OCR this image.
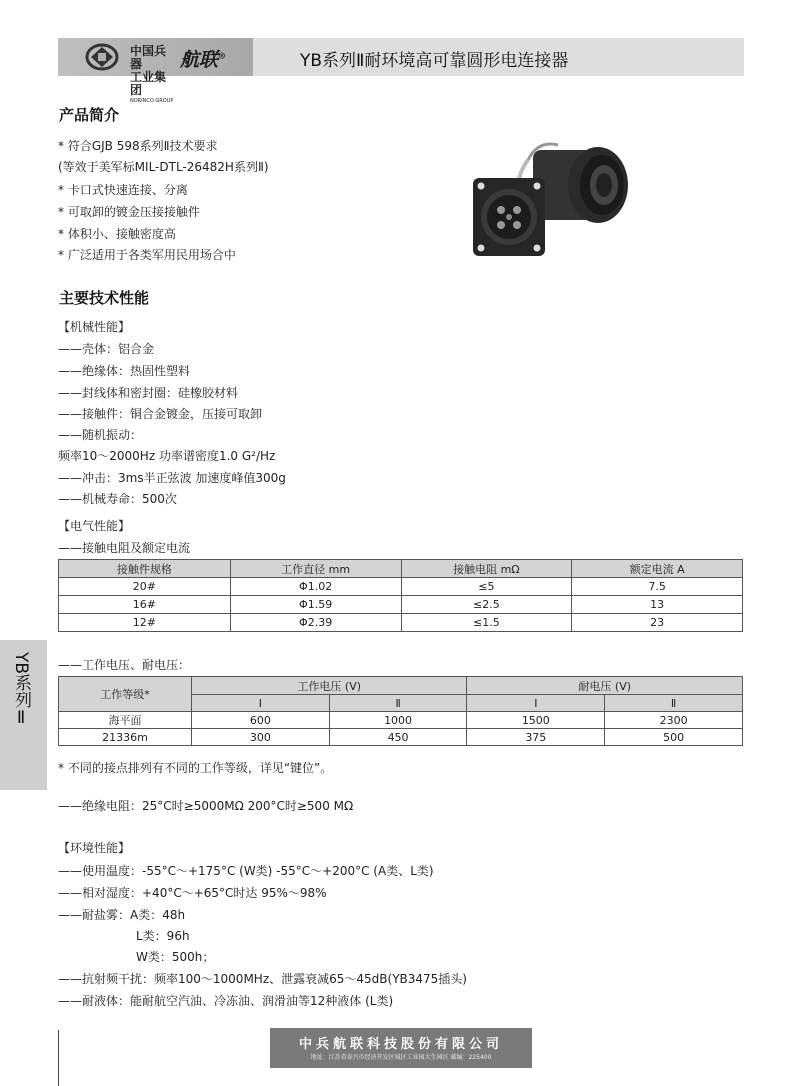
中国兵器
工业集团
NORINCO GROUP
航联®	YB系列Ⅱ耐环境高可靠圆形电连接器
产品简介
* 符合GJB 598系列Ⅱ技术要求
(等效于美军标MIL-DTL-26482H系列Ⅱ)
* 卡口式快速连接、分离
* 可取卸的镀金压接接触件
* 体积小、接触密度高
* 广泛适用于各类军用民用场合中
主要技术性能
【机械性能】
——壳体：铝合金
——绝缘体：热固性塑料
——封线体和密封圈：硅橡胶材料
——接触件：铜合金镀金，压接可取卸
——随机振动：
频率10～2000Hz 功率谱密度1.0 G²/Hz
——冲击：3ms半正弦波 加速度峰值300g
——机械寿命：500次
【电气性能】
——接触电阻及额定电流
接触件规格	工作直径 mm	接触电阻 mΩ	额定电流 A
20#	Φ1.02	≤5	7.5
16#	Φ1.59	≤2.5	13
12#	Φ2.39	≤1.5	23
——工作电压、耐电压：
工作等级*	工作电压 (V)		耐电压 (V)	
	Ⅰ	Ⅱ	Ⅰ	Ⅱ
海平面	600	1000	1500	2300
21336m	300	450	375	500
* 不同的接点排列有不同的工作等级，详见“键位”。
——绝缘电阻：25°C时≥5000MΩ 200°C时≥500 MΩ
【环境性能】
——使用温度：-55°C～+175°C (W类) -55°C～+200°C (A类、L类)
——相对湿度：+40°C～+65°C时达 95%～98%
——耐盐雾：A类：48h
L类：96h
W类：500h；
——抗射频干扰：频率100～1000MHz、泄露衰减65～45dB(YB3475插头)
——耐液体：能耐航空汽油、冷冻油、润滑油等12种液体 (L类)
YB系列Ⅱ
中兵航联科技股份有限公司
地址：江苏省泰兴市经济开发区城区工业园大生园区 邮编：225400
